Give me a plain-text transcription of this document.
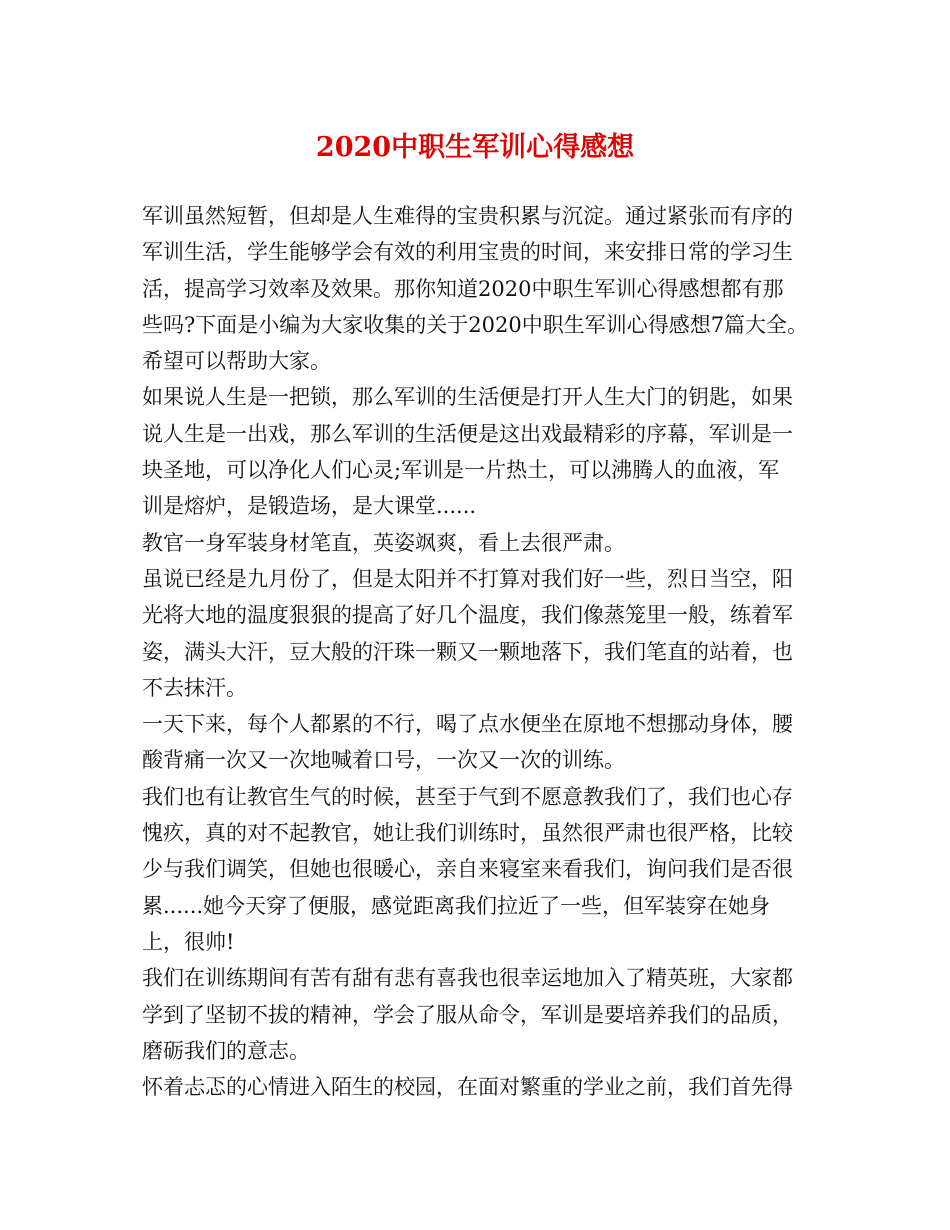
2020中职生军训心得感想
军训虽然短暂，但却是人生难得的宝贵积累与沉淀。通过紧张而有序的
军训生活，学生能够学会有效的利用宝贵的时间，来安排日常的学习生
活，提高学习效率及效果。那你知道2020中职生军训心得感想都有那
些吗?下面是小编为大家收集的关于2020中职生军训心得感想7篇大全。
希望可以帮助大家。
如果说人生是一把锁，那么军训的生活便是打开人生大门的钥匙，如果
说人生是一出戏，那么军训的生活便是这出戏最精彩的序幕，军训是一
块圣地，可以净化人们心灵;军训是一片热土，可以沸腾人的血液，军
训是熔炉，是锻造场，是大课堂......
教官一身军装身材笔直，英姿飒爽，看上去很严肃。
虽说已经是九月份了，但是太阳并不打算对我们好一些，烈日当空，阳
光将大地的温度狠狠的提高了好几个温度，我们像蒸笼里一般，练着军
姿，满头大汗，豆大般的汗珠一颗又一颗地落下，我们笔直的站着，也
不去抹汗。
一天下来，每个人都累的不行，喝了点水便坐在原地不想挪动身体，腰
酸背痛一次又一次地喊着口号，一次又一次的训练。
我们也有让教官生气的时候，甚至于气到不愿意教我们了，我们也心存
愧疚，真的对不起教官，她让我们训练时，虽然很严肃也很严格，比较
少与我们调笑，但她也很暖心，亲自来寝室来看我们，询问我们是否很
累......她今天穿了便服，感觉距离我们拉近了一些，但军装穿在她身
上，很帅!
我们在训练期间有苦有甜有悲有喜我也很幸运地加入了精英班，大家都
学到了坚韧不拔的精神，学会了服从命令，军训是要培养我们的品质，
磨砺我们的意志。
怀着忐忑的心情进入陌生的校园，在面对繁重的学业之前，我们首先得
